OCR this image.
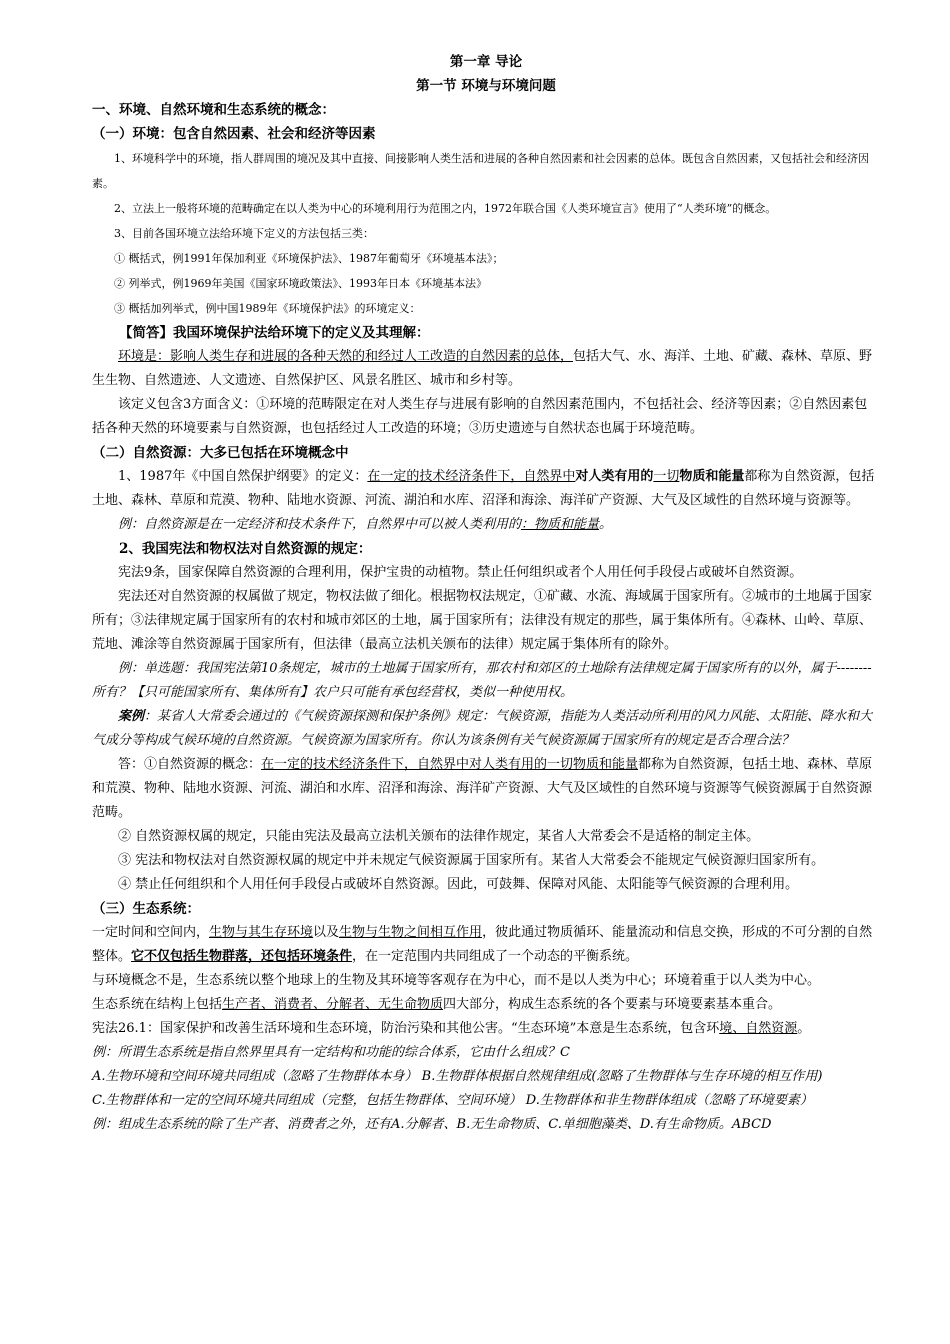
第一章 导论

第一节 环境与环境问题

一、环境、自然环境和生态系统的概念：

（一）环境：包含自然因素、社会和经济等因素

1、环境科学中的环境，指人群周围的境况及其中直接、间接影响人类生活和进展的各种自然因素和社会因素的总体。既包含自然因素，又包括社会和经济因素。

2、立法上一般将环境的范畴确定在以人类为中心的环境利用行为范围之内，1972年联合国《人类环境宣言》使用了“人类环境”的概念。

3、目前各国环境立法给环境下定义的方法包括三类：

① 概括式，例1991年保加利亚《环境保护法》、1987年葡萄牙《环境基本法》；

② 列举式，例1969年美国《国家环境政策法》、1993年日本《环境基本法》

③ 概括加列举式，例中国1989年《环境保护法》的环境定义：

【简答】我国环境保护法给环境下的定义及其理解：

环境是：影响人类生存和进展的各种天然的和经过人工改造的自然因素的总体，包括大气、水、海洋、土地、矿藏、森林、草原、野生生物、自然遗迹、人文遗迹、自然保护区、风景名胜区、城市和乡村等。

该定义包含3方面含义：①环境的范畴限定在对人类生存与进展有影响的自然因素范围内，不包括社会、经济等因素；②自然因素包括各种天然的环境要素与自然资源，也包括经过人工改造的环境；③历史遗迹与自然状态也属于环境范畴。

（二）自然资源：大多已包括在环境概念中

1、1987年《中国自然保护纲要》的定义：在一定的技术经济条件下，自然界中对人类有用的一切物质和能量都称为自然资源，包括土地、森林、草原和荒漠、物种、陆地水资源、河流、湖泊和水库、沼泽和海涂、海洋矿产资源、大气及区域性的自然环境与资源等。

例：自然资源是在一定经济和技术条件下，自然界中可以被人类利用的：物质和能量。

2、我国宪法和物权法对自然资源的规定：

宪法9条，国家保障自然资源的合理利用，保护宝贵的动植物。禁止任何组织或者个人用任何手段侵占或破坏自然资源。

宪法还对自然资源的权属做了规定，物权法做了细化。根据物权法规定，①矿藏、水流、海域属于国家所有。②城市的土地属于国家所有；③法律规定属于国家所有的农村和城市郊区的土地，属于国家所有；法律没有规定的那些，属于集体所有。④森林、山岭、草原、荒地、滩涂等自然资源属于国家所有，但法律（最高立法机关颁布的法律）规定属于集体所有的除外。

例：单选题：我国宪法第10条规定，城市的土地属于国家所有，那农村和郊区的土地除有法律规定属于国家所有的以外，属于--------所有？【只可能国家所有、集体所有】农户只可能有承包经营权，类似一种使用权。

案例：某省人大常委会通过的《气候资源探测和保护条例》规定：气候资源，指能为人类活动所利用的风力风能、太阳能、降水和大气成分等构成气候环境的自然资源。气候资源为国家所有。你认为该条例有关气候资源属于国家所有的规定是否合理合法？

答：①自然资源的概念：在一定的技术经济条件下，自然界中对人类有用的一切物质和能量都称为自然资源，包括土地、森林、草原和荒漠、物种、陆地水资源、河流、湖泊和水库、沼泽和海涂、海洋矿产资源、大气及区域性的自然环境与资源等气候资源属于自然资源范畴。

② 自然资源权属的规定，只能由宪法及最高立法机关颁布的法律作规定，某省人大常委会不是适格的制定主体。

③ 宪法和物权法对自然资源权属的规定中并未规定气候资源属于国家所有。某省人大常委会不能规定气候资源归国家所有。

④ 禁止任何组织和个人用任何手段侵占或破坏自然资源。因此，可鼓舞、保障对风能、太阳能等气候资源的合理利用。

（三）生态系统：

一定时间和空间内，生物与其生存环境以及生物与生物之间相互作用，彼此通过物质循环、能量流动和信息交换，形成的不可分割的自然整体。它不仅包括生物群落，还包括环境条件，在一定范围内共同组成了一个动态的平衡系统。

与环境概念不是，生态系统以整个地球上的生物及其环境等客观存在为中心，而不是以人类为中心；环境着重于以人类为中心。

生态系统在结构上包括生产者、消费者、分解者、无生命物质四大部分，构成生态系统的各个要素与环境要素基本重合。

宪法26.1：国家保护和改善生活环境和生态环境，防治污染和其他公害。“生态环境”本意是生态系统，包含环境、自然资源。

例：所谓生态系统是指自然界里具有一定结构和功能的综合体系，它由什么组成？C

A.生物环境和空间环境共同组成（忽略了生物群体本身） B.生物群体根据自然规律组成(忽略了生物群体与生存环境的相互作用)

C.生物群体和一定的空间环境共同组成（完整，包括生物群体、空间环境） D.生物群体和非生物群体组成（忽略了环境要素）

例：组成生态系统的除了生产者、消费者之外，还有A.分解者、B.无生命物质、C.单细胞藻类、D.有生命物质。ABCD
